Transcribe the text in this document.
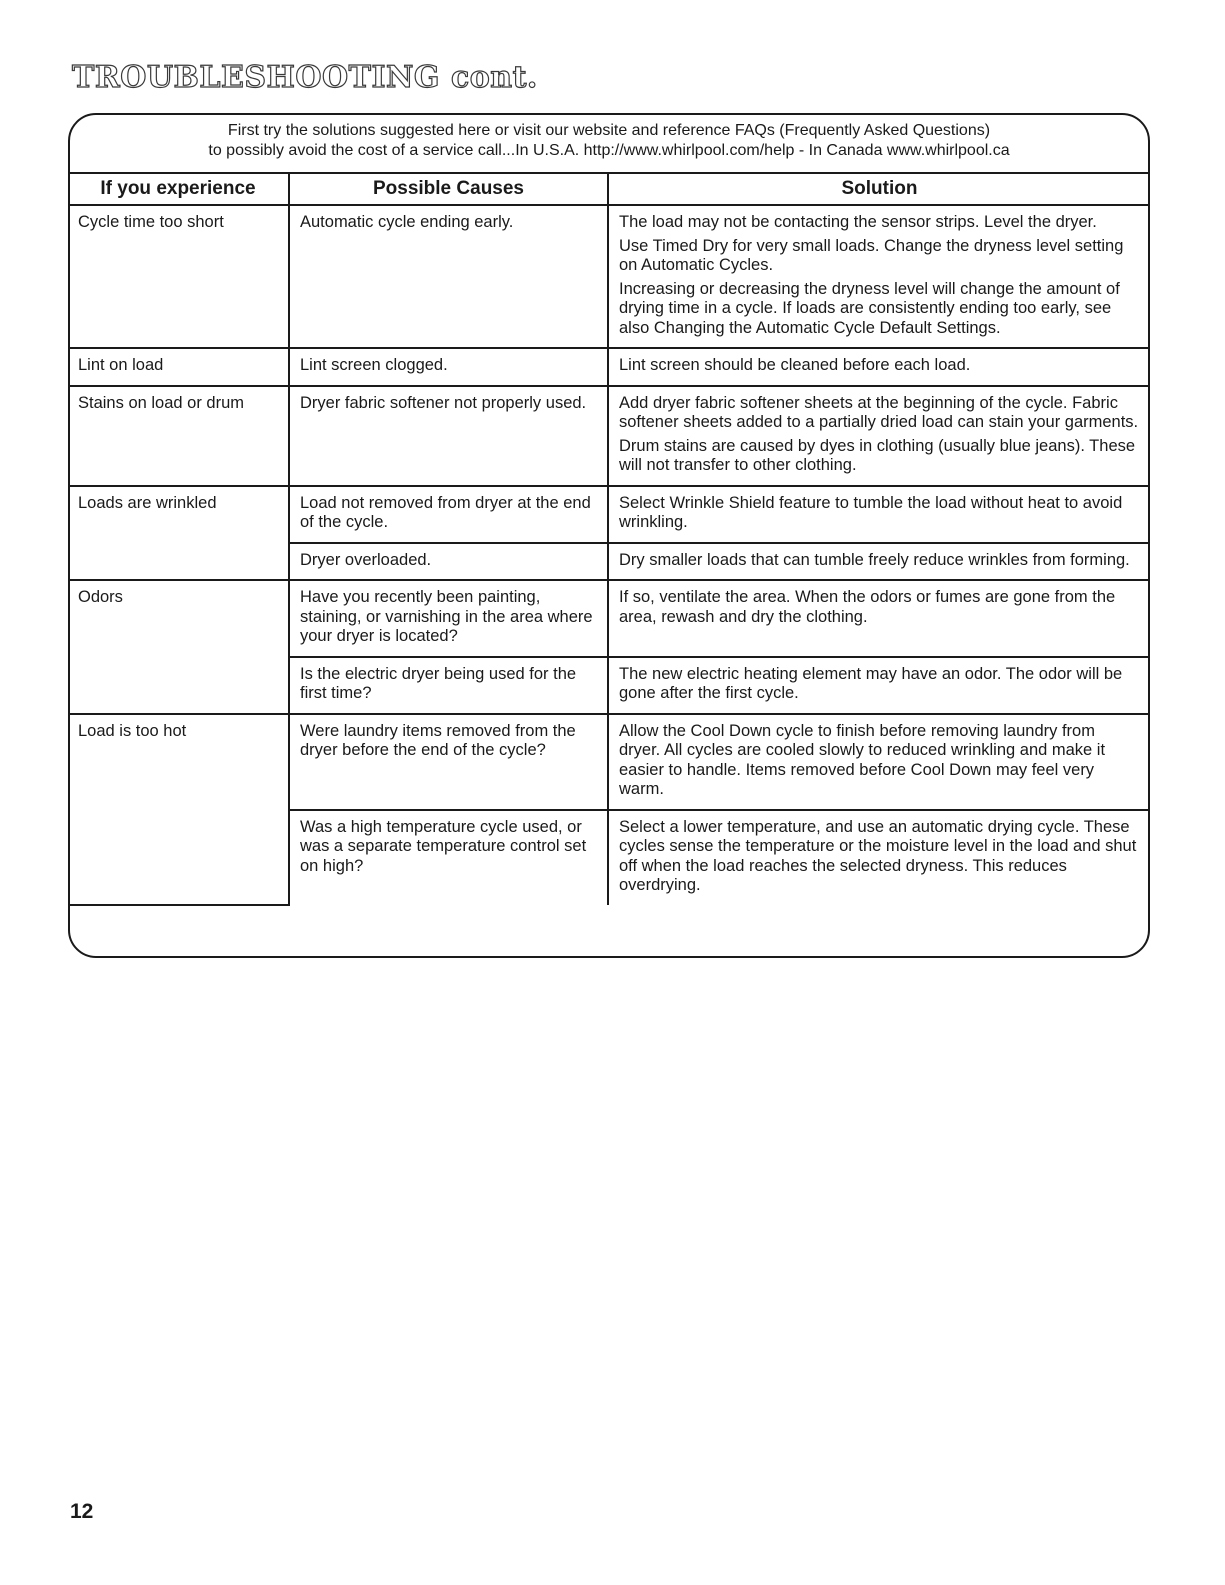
TROUBLESHOOTING cont.

First try the solutions suggested here or visit our website and reference FAQs (Frequently Asked Questions)

to possibly avoid the cost of a service call...In U.S.A. http://www.whirlpool.com/help - In Canada www.whirlpool.ca

If you experience	Possible Causes	Solution
Cycle time too short	Automatic cycle ending early.	The load may not be contacting the sensor strips. Level the dryer.

Use Timed Dry for very small loads. Change the dryness level setting on Automatic Cycles.

Increasing or decreasing the dryness level will change the amount of drying time in a cycle. If loads are consistently ending too early, see also Changing the Automatic Cycle Default Settings.

Lint on load	Lint screen clogged.	Lint screen should be cleaned before each load.

Stains on load or drum	Dryer fabric softener not properly used.	Add dryer fabric softener sheets at the beginning of the cycle. Fabric softener sheets added to a partially dried load can stain your garments.

Drum stains are caused by dyes in clothing (usually blue jeans). These will not transfer to other clothing.

Loads are wrinkled	Load not removed from dryer at the end of the cycle.	Select Wrinkle Shield feature to tumble the load without heat to avoid wrinkling.

	Dryer overloaded.	Dry smaller loads that can tumble freely reduce wrinkles from forming.

Odors	Have you recently been painting, staining, or varnishing in the area where your dryer is located?	If so, ventilate the area. When the odors or fumes are gone from the area, rewash and dry the clothing.

	Is the electric dryer being used for the first time?	The new electric heating element may have an odor. The odor will be gone after the first cycle.

Load is too hot	Were laundry items removed from the dryer before the end of the cycle?	Allow the Cool Down cycle to finish before removing laundry from dryer. All cycles are cooled slowly to reduced wrinkling and make it easier to handle. Items removed before Cool Down may feel very warm.

	Was a high temperature cycle used, or was a separate temperature control set on high?	Select a lower temperature, and use an automatic drying cycle. These cycles sense the temperature or the moisture level in the load and shut off when the load reaches the selected dryness. This reduces overdrying.

12
